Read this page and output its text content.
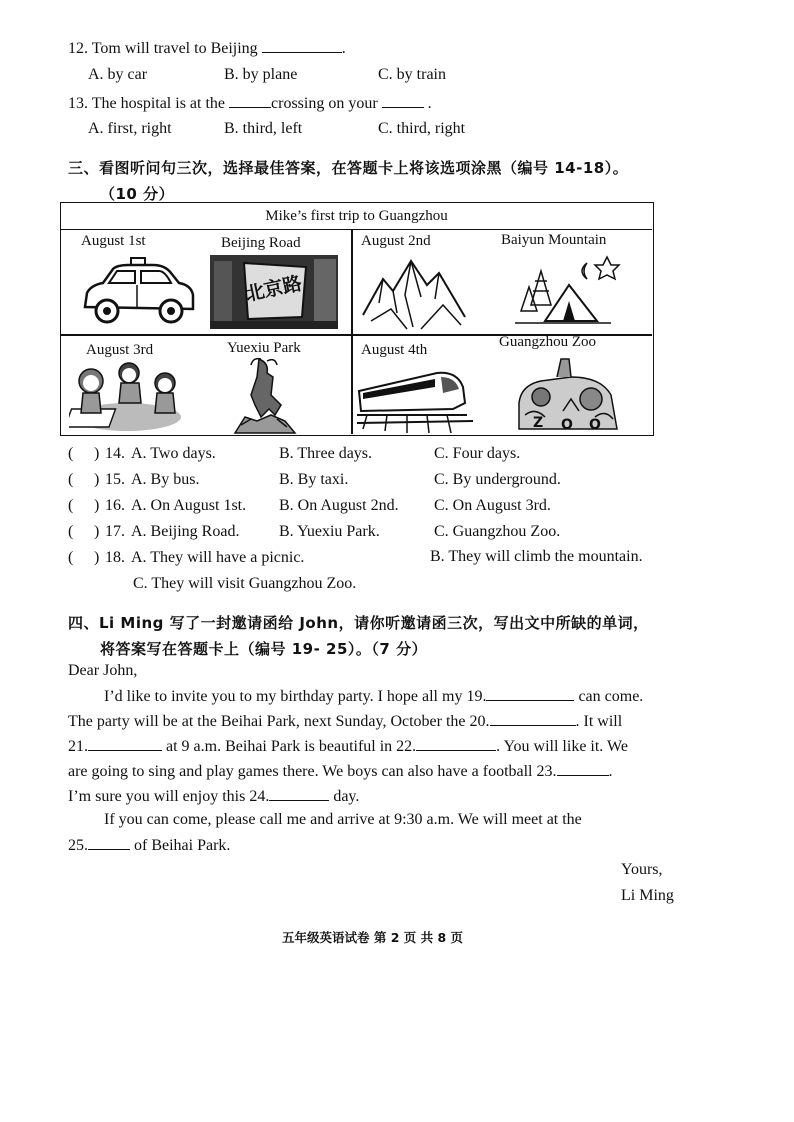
12. Tom will travel to Beijing	.
A. by car	B. by plane	C. by train
13. The hospital is at the	crossing on your	.
A. first, right	B. third, left	C. third, right
三、看图听问句三次，选择最佳答案，在答题卡上将该选项涂黑（编号 14-18）。
（10 分）
Mike’s first trip to Guangzhou
August 1st	Beijing Road
北京路
August 2nd	Baiyun Mountain
August 3rd	Yuexiu Park	August 4th	Guangzhou Zoo
Z O O
( ) 14. A. Two days.	B. Three days.	C. Four days.
( ) 15. A. By bus.	B. By taxi.	C. By underground.
( ) 16. A. On August 1st. B. On August 2nd. C. On August 3rd.
( ) 17. A. Beijing Road. B. Yuexiu Park.	C. Guangzhou Zoo.
( ) 18. A. They will have a picnic.	B. They will climb the mountain.
C. They will visit Guangzhou Zoo.
四、Li Ming 写了一封邀请函给 John，请你听邀请函三次，写出文中所缺的单词，
将答案写在答题卡上（编号 19- 25）。（7 分）
Dear John,
I’d like to invite you to my birthday party. I hope all my 19.	can come.
The party will be at the Beihai Park, next Sunday, October the 20.	. It will
21.	at 9 a.m. Beihai Park is beautiful in 22.	. You will like it. We
are going to sing and play games there. We boys can also have a football 23.	.
I’m sure you will enjoy this 24.	day.
If you can come, please call me and arrive at 9:30 a.m. We will meet at the
25.	of Beihai Park.
Yours,
Li Ming
五年级英语试卷 第 2 页 共 8 页
